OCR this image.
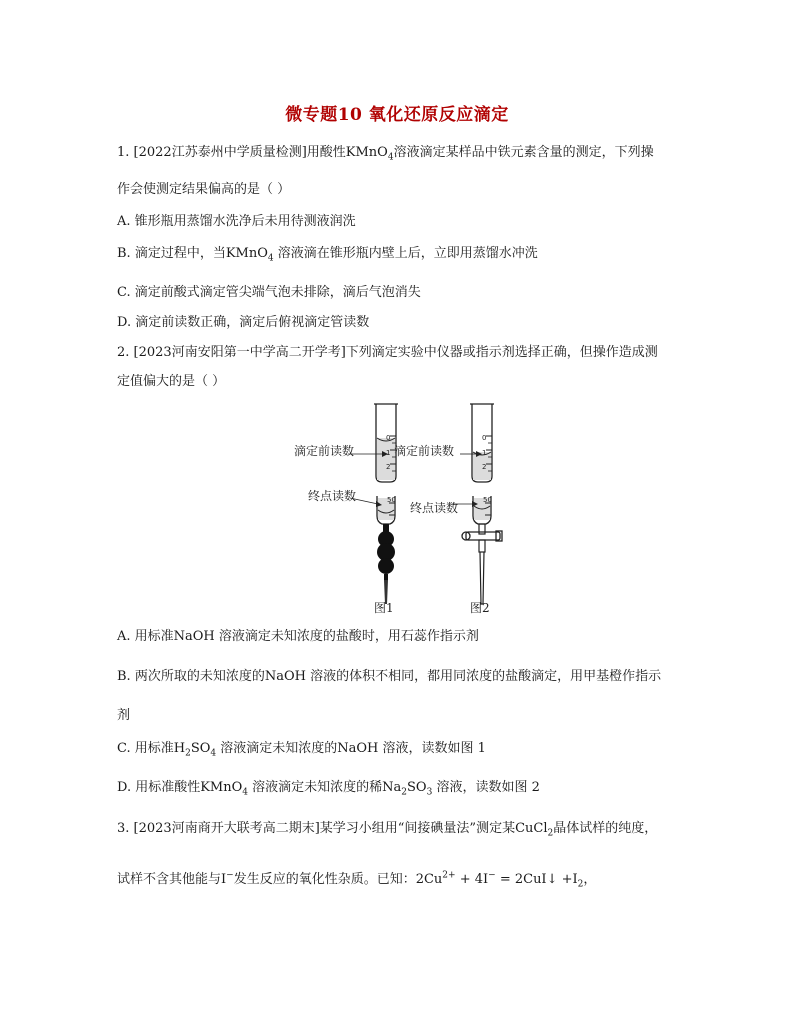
微专题10 氧化还原反应滴定
1. [2022江苏泰州中学质量检测]用酸性KMnO$_4$溶液滴定某样品中铁元素含量的测定，下列操
作会使测定结果偏高的是（ ）
A. 锥形瓶用蒸馏水洗净后未用待测液润洗
B. 滴定过程中，当KMnO$_4$ 溶液滴在锥形瓶内壁上后，立即用蒸馏水冲洗
C. 滴定前酸式滴定管尖端气泡未排除，滴后气泡消失
D. 滴定前读数正确，滴定后俯视滴定管读数
2. [2023河南安阳第一中学高二开学考]下列滴定实验中仪器或指示剂选择正确，但操作造成测
定值偏大的是（ ）
0
1
2
滴定前读数
50
终点读数
图1
0
1
2
滴定前读数
50
终点读数
图2
A. 用标准NaOH 溶液滴定未知浓度的盐酸时，用石蕊作指示剂
B. 两次所取的未知浓度的NaOH 溶液的体积不相同，都用同浓度的盐酸滴定，用甲基橙作指示
剂
C. 用标准$H_2SO_4$ 溶液滴定未知浓度的NaOH 溶液，读数如图 1
D. 用标准酸性KMnO$_4$ 溶液滴定未知浓度的稀$Na_2SO_3$ 溶液，读数如图 2
3. [2023河南商开大联考高二期末]某学习小组用“间接碘量法”测定某CuCl$_2$晶体试样的纯度，
试样不含其他能与I−发生反应的氧化性杂质。已知：$2Cu^{2+} + 4I^-$ = 2CuI↓ $+I_2$，
